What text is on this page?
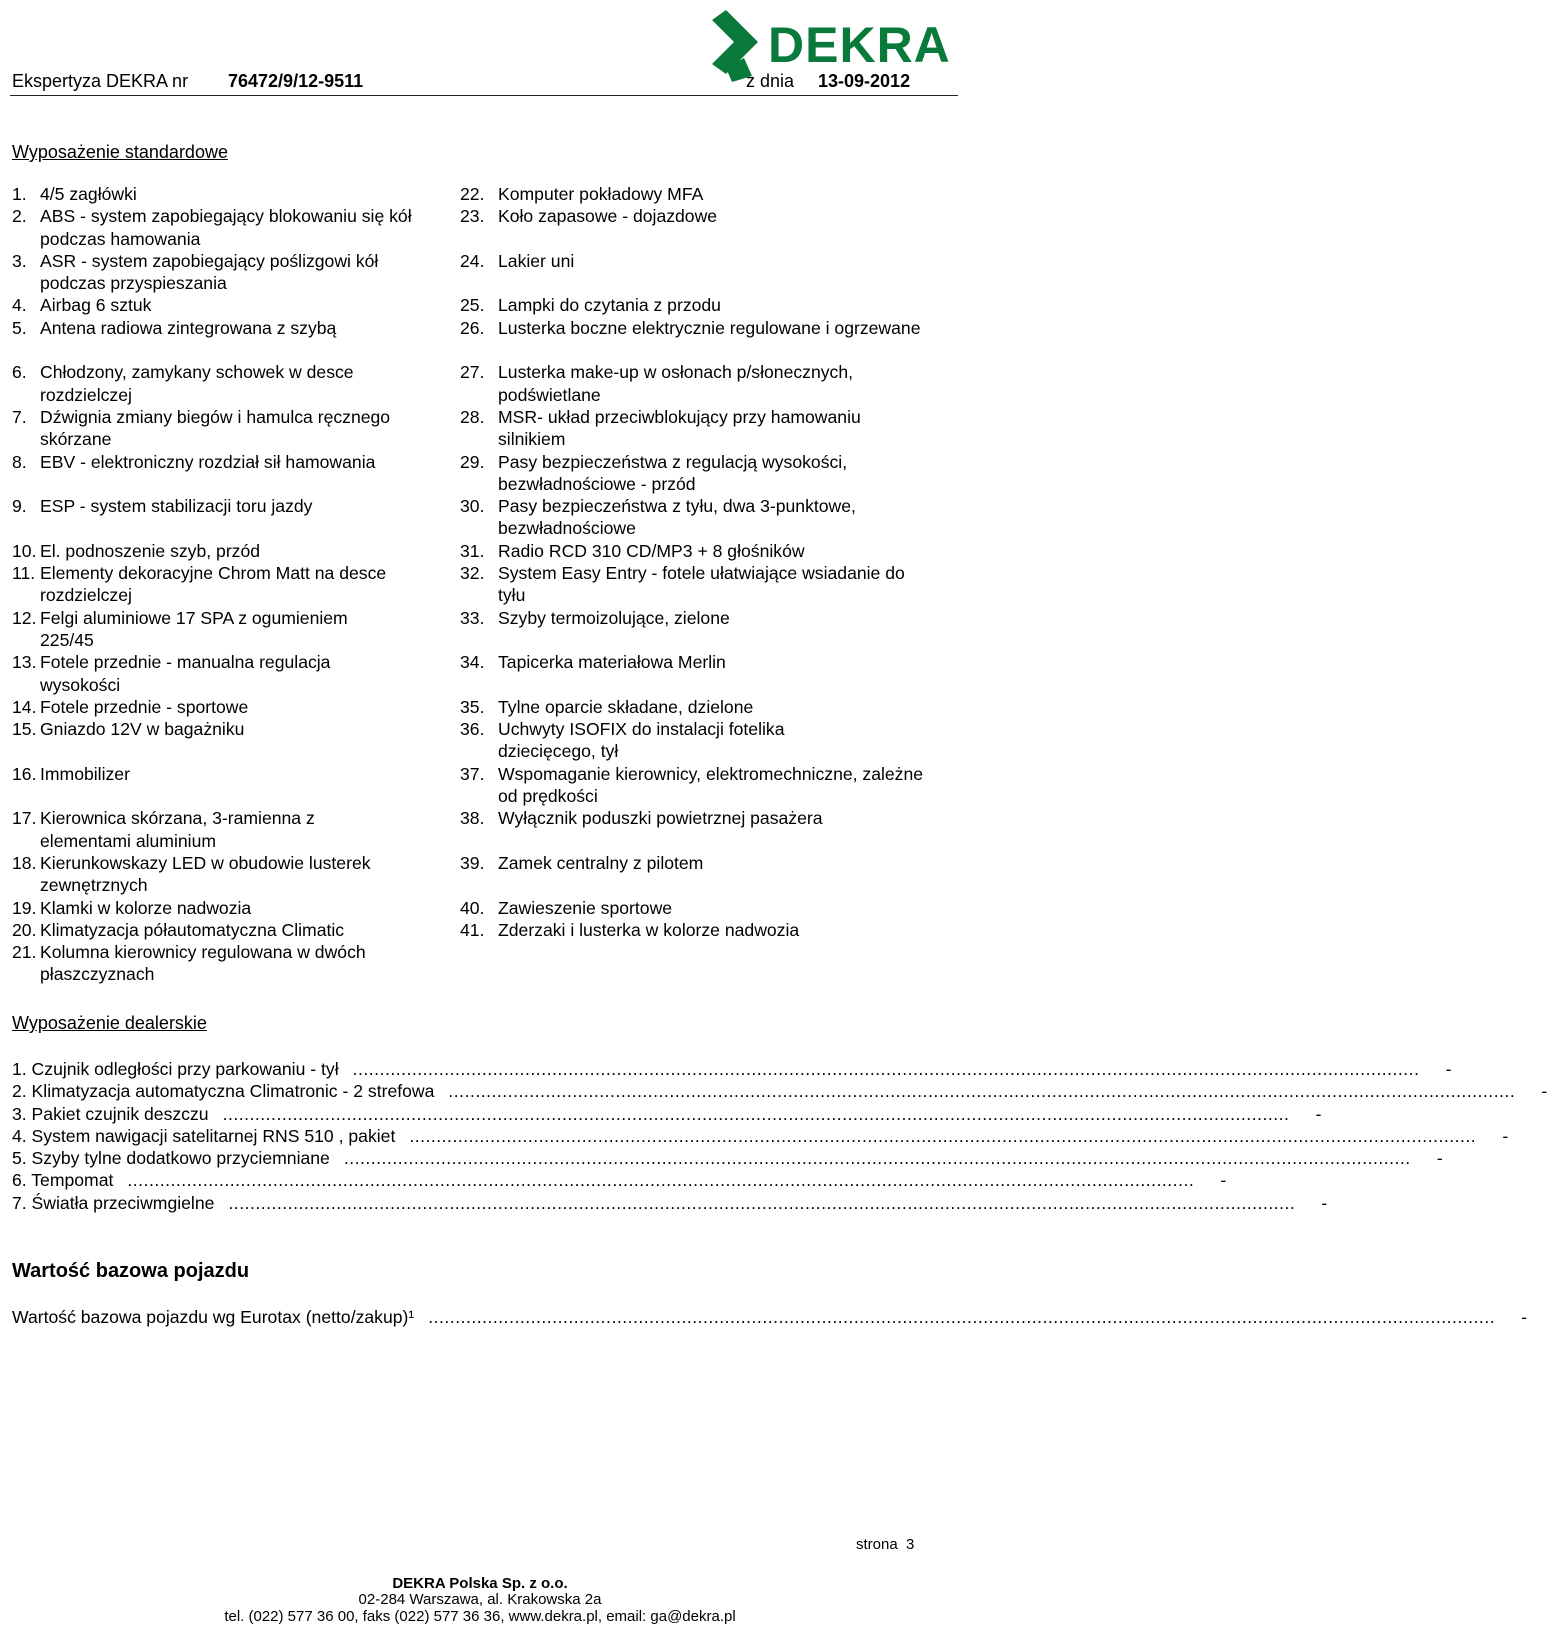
DEKRA
Ekspertyza DEKRA nr 76472/9/12-9511	z dnia 13-09-2012
Wyposażenie standardowe
1. 4/5 zagłówki
2. ABS - system zapobiegający blokowaniu się kół podczas hamowania
3. ASR - system zapobiegający poślizgowi kół podczas przyspieszania
4. Airbag 6 sztuk
5. Antena radiowa zintegrowana z szybą
6. Chłodzony, zamykany schowek w desce rozdzielczej
7. Dźwignia zmiany biegów i hamulca ręcznego skórzane
8. EBV - elektroniczny rozdział sił hamowania
9. ESP - system stabilizacji toru jazdy
10. El. podnoszenie szyb, przód
11. Elementy dekoracyjne Chrom Matt na desce rozdzielczej
12. Felgi aluminiowe 17 SPA z ogumieniem 225/45
13. Fotele przednie - manualna regulacja wysokości
14. Fotele przednie - sportowe
15. Gniazdo 12V w bagażniku
16. Immobilizer
17. Kierownica skórzana, 3-ramienna z elementami aluminium
18. Kierunkowskazy LED w obudowie lusterek zewnętrznych
19. Klamki w kolorze nadwozia
20. Klimatyzacja półautomatyczna Climatic
21. Kolumna kierownicy regulowana w dwóch płaszczyznach
22. Komputer pokładowy MFA
23. Koło zapasowe - dojazdowe
24. Lakier uni
25. Lampki do czytania z przodu
26. Lusterka boczne elektrycznie regulowane i ogrzewane
27. Lusterka make-up w osłonach p/słonecznych, podświetlane
28. MSR- układ przeciwblokujący przy hamowaniu silnikiem
29. Pasy bezpieczeństwa z regulacją wysokości, bezwładnościowe - przód
30. Pasy bezpieczeństwa z tyłu, dwa 3-punktowe, bezwładnościowe
31. Radio RCD 310 CD/MP3 + 8 głośników
32. System Easy Entry - fotele ułatwiające wsiadanie do tyłu
33. Szyby termoizolujące, zielone
34. Tapicerka materiałowa Merlin
35. Tylne oparcie składane, dzielone
36. Uchwyty ISOFIX do instalacji fotelika dziecięcego, tył
37. Wspomaganie kierownicy, elektromechniczne, zależne od prędkości
38. Wyłącznik poduszki powietrznej pasażera
39. Zamek centralny z pilotem
40. Zawieszenie sportowe
41. Zderzaki i lusterka w kolorze nadwozia
Wyposażenie dealerskie
1. Czujnik odległości przy parkowaniu - tył ......................................................................................................................................................................................................	-
2. Klimatyzacja automatyczna Climatronic - 2 strefowa ......................................................................................................................................................................................................	-
3. Pakiet czujnik deszczu ......................................................................................................................................................................................................	-
4. System nawigacji satelitarnej RNS 510 , pakiet ......................................................................................................................................................................................................	-
5. Szyby tylne dodatkowo przyciemniane ......................................................................................................................................................................................................	-
6. Tempomat ......................................................................................................................................................................................................	-
7. Światła przeciwmgielne ......................................................................................................................................................................................................	-
Wartość bazowa pojazdu
Wartość bazowa pojazdu wg Eurotax (netto/zakup)¹ ......................................................................................................................................................................................................	-
strona 3
DEKRA Polska Sp. z o.o.
02-284 Warszawa, al. Krakowska 2a
tel. (022) 577 36 00, faks (022) 577 36 36, www.dekra.pl, email: ga@dekra.pl
